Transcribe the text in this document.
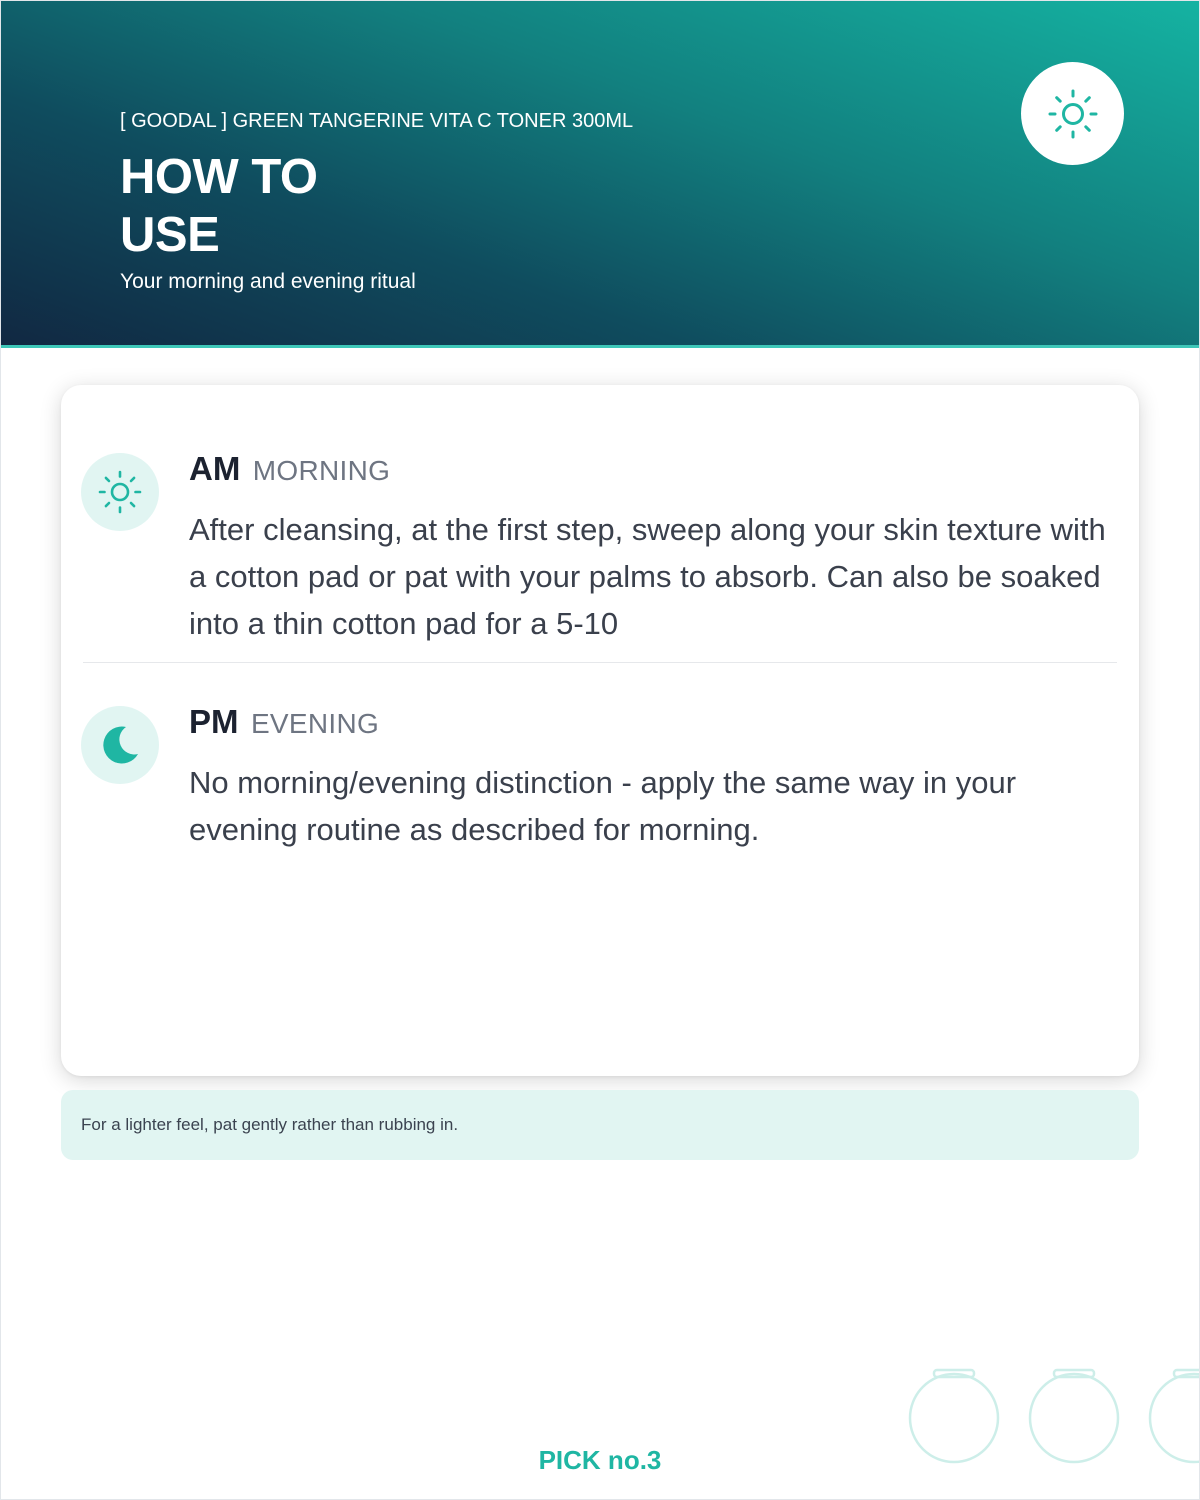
[ GOODAL ] GREEN TANGERINE VITA C TONER 300ML
HOW TO
USE
Your morning and evening ritual
AM MORNING

After cleansing, at the first step, sweep along your skin texture with a cotton pad or pat with your palms to absorb. Can also be soaked into a thin cotton pad for a 5-10

PM EVENING

No morning/evening distinction - apply the same way in your evening routine as described for morning.

For a lighter feel, pat gently rather than rubbing in.

PICK no.3
